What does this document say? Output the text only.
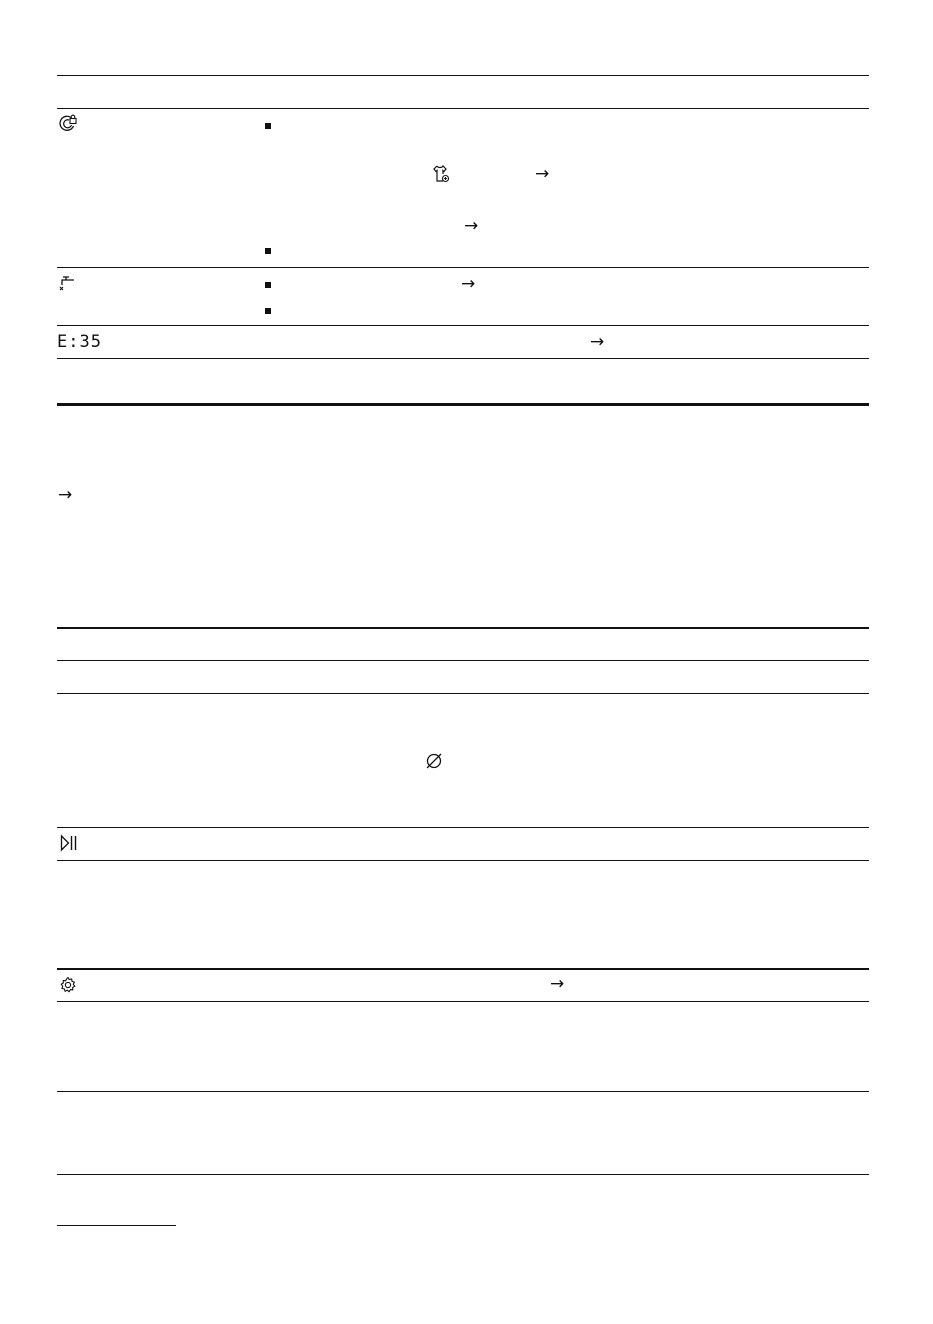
→
→
→
E:35	→
→
→
